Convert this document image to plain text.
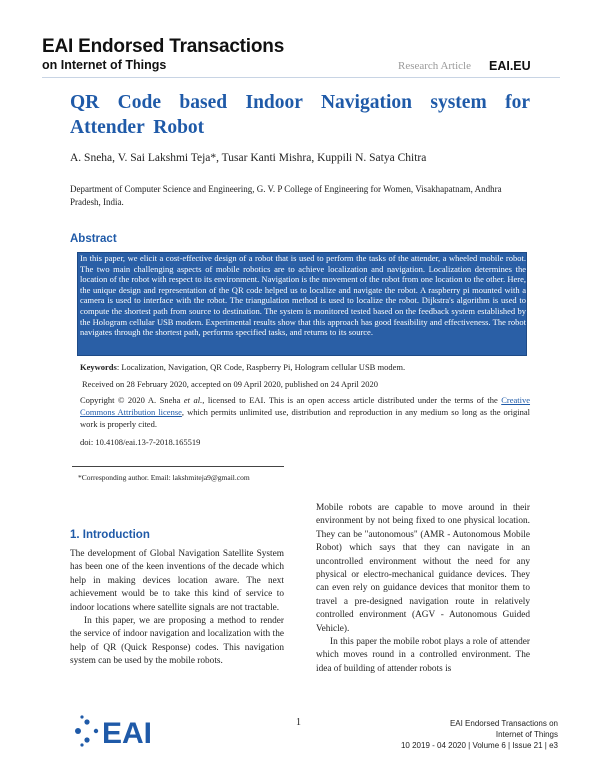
EAI Endorsed Transactions
on Internet of Things	Research Article EAI.EU
QR Code based Indoor Navigation system for
Attender Robot
A. Sneha, V. Sai Lakshmi Teja*, Tusar Kanti Mishra, Kuppili N. Satya Chitra
Department of Computer Science and Engineering, G. V. P College of Engineering for Women, Visakhapatnam, Andhra Pradesh, India.
Abstract
In this paper, we elicit a cost-effective design of a robot that is used to perform the tasks of the attender, a wheeled mobile robot. The two main challenging aspects of mobile robotics are to achieve localization and navigation. Localization determines the location of the robot with respect to its environment. Navigation is the movement of the robot from one location to the other. Here, the unique design and representation of the QR code helped us to localize and navigate the robot. A raspberry pi mounted with a camera is used to interface with the robot. The triangulation method is used to localize the robot. Dijkstra's algorithm is used to compute the shortest path from source to destination. The system is monitored tested based on the feedback system established by the Hologram cellular USB modem. Experimental results show that this approach has good feasibility and effectiveness. The robot navigates through the shortest path, performs specified tasks, and returns to its source.
Keywords: Localization, Navigation, QR Code, Raspberry Pi, Hologram cellular USB modem.
Received on 28 February 2020, accepted on 09 April 2020, published on 24 April 2020
Copyright © 2020 A. Sneha et al., licensed to EAI. This is an open access article distributed under the terms of the Creative Commons Attribution license, which permits unlimited use, distribution and reproduction in any medium so long as the original work is properly cited.
doi: 10.4108/eai.13-7-2018.165519
*Corresponding author. Email: lakshmiteja9@gmail.com
1. Introduction

The development of Global Navigation Satellite System has been one of the keen inventions of the decade which help in making devices location aware. The next achievement would be to take this kind of service to indoor locations where satellite signals are not tractable.

In this paper, we are proposing a method to render the service of indoor navigation and localization with the help of QR (Quick Response) codes. This navigation system can be used by the mobile robots.

Mobile robots are capable to move around in their environment by not being fixed to one physical location. They can be "autonomous" (AMR - Autonomous Mobile Robot) which says that they can navigate in an uncontrolled environment without the need for any physical or electro-mechanical guidance devices. They can even rely on guidance devices that monitor them to travel a pre-designed navigation route in relatively controlled environment (AGV - Autonomous Guided Vehicle).

In this paper the mobile robot plays a role of attender which moves round in a controlled environment. The idea of building of attender robots is

EAI	1	EAI Endorsed Transactions on
Internet of Things
10 2019 - 04 2020 | Volume 6 | Issue 21 | e3
